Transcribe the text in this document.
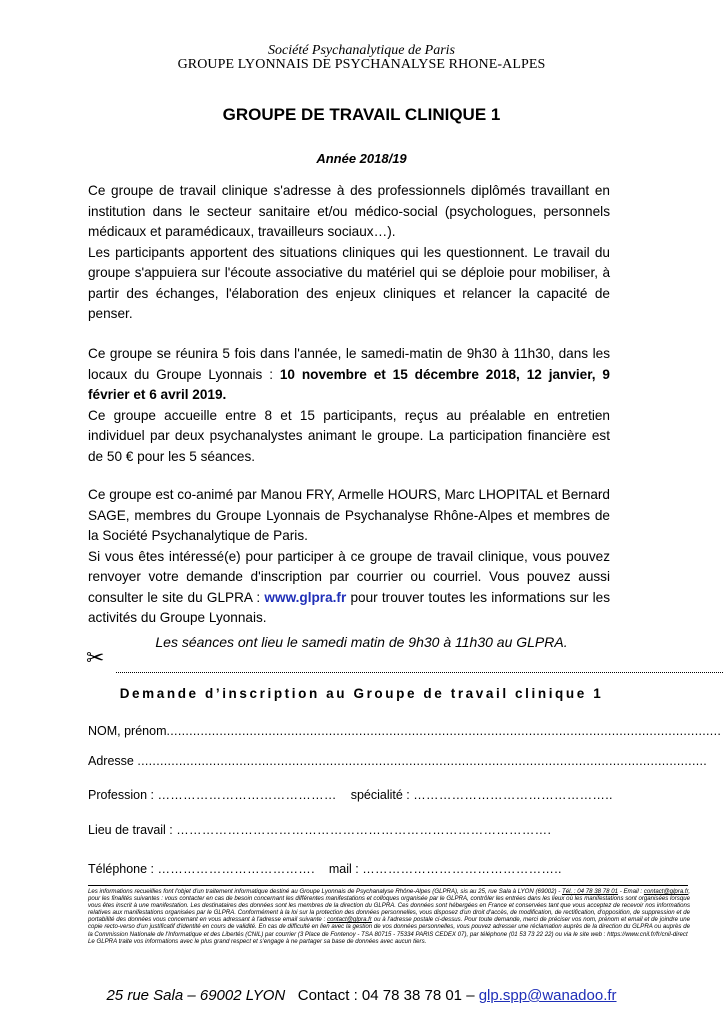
Société Psychanalytique de Paris
GROUPE LYONNAIS DE PSYCHANALYSE RHONE-ALPES
GROUPE DE TRAVAIL CLINIQUE 1
Année 2018/19

Ce groupe de travail clinique s'adresse à des professionnels diplômés travaillant en institution dans le secteur sanitaire et/ou médico-social (psychologues, personnels médicaux et paramédicaux, travailleurs sociaux…).

Les participants apportent des situations cliniques qui les questionnent. Le travail du groupe s'appuiera sur l'écoute associative du matériel qui se déploie pour mobiliser, à partir des échanges, l'élaboration des enjeux cliniques et relancer la capacité de penser.

Ce groupe se réunira 5 fois dans l'année, le samedi-matin de 9h30 à 11h30, dans les locaux du Groupe Lyonnais : 10 novembre et 15 décembre 2018, 12 janvier, 9 février et 6 avril 2019.

Ce groupe accueille entre 8 et 15 participants, reçus au préalable en entretien individuel par deux psychanalystes animant le groupe. La participation financière est de 50 € pour les 5 séances.

Ce groupe est co-animé par Manou FRY, Armelle HOURS, Marc LHOPITAL et Bernard SAGE, membres du Groupe Lyonnais de Psychanalyse Rhône-Alpes et membres de la Société Psychanalytique de Paris.

Si vous êtes intéressé(e) pour participer à ce groupe de travail clinique, vous pouvez renvoyer votre demande d'inscription par courrier ou courriel. Vous pouvez aussi consulter le site du GLPRA : www.glpra.fr pour trouver toutes les informations sur les activités du Groupe Lyonnais.

Les séances ont lieu le samedi matin de 9h30 à 11h30 au GLPRA.
✂
Demande d’inscription au Groupe de travail clinique 1
NOM, prénom...................................................................................................................................................
Adresse .......................................................................................................................................................
Profession : …………………………………… spécialité : ………………………………………..
Lieu de travail : …………………………………………………………………………….
Téléphone : ………………………………. mail : ………………………………………..
Les informations recueillies font l'objet d'un traitement informatique destiné au Groupe Lyonnais de Psychanalyse Rhône-Alpes (GLPRA), sis au 25, rue Sala à LYON (69002) - Tél. : 04 78 38 78 01 - Email : contact@glpra.fr, pour les finalités suivantes : vous contacter en cas de besoin concernant les différentes manifestations et colloques organisée par le GLPRA, contrôler les entrées dans les lieux où les manifestations sont organisées lorsque vous êtes inscrit à une manifestation. Les destinataires des données sont les membres de la direction du GLPRA. Ces données sont hébergées en France et conservées tant que vous acceptez de recevoir nos informations relatives aux manifestations organisées par le GLPRA. Conformément à la loi sur la protection des données personnelles, vous disposez d'un droit d'accès, de modification, de rectification, d'opposition, de suppression et de portabilité des données vous concernant en vous adressant à l'adresse email suivante : contact@glpra.fr ou à l'adresse postale ci-dessus. Pour toute demande, merci de préciser vos nom, prénom et email et de joindre une copie recto-verso d'un justificatif d'identité en cours de validité. En cas de difficulté en lien avec la gestion de vos données personnelles, vous pouvez adresser une réclamation auprès de la direction du GLPRA ou auprès de la Commission Nationale de l'Informatique et des Libertés (CNIL) par courrier (3 Place de Fontenoy - TSA 80715 - 75334 PARIS CEDEX 07), par téléphone (01 53 73 22 22) ou via le site web : https://www.cnil.fr/fr/cnil-direct
Le GLPRA traite vos informations avec le plus grand respect et s'engage à ne partager sa base de données avec aucun tiers.
25 rue Sala – 69002 LYON Contact : 04 78 38 78 01 – glp.spp@wanadoo.fr
